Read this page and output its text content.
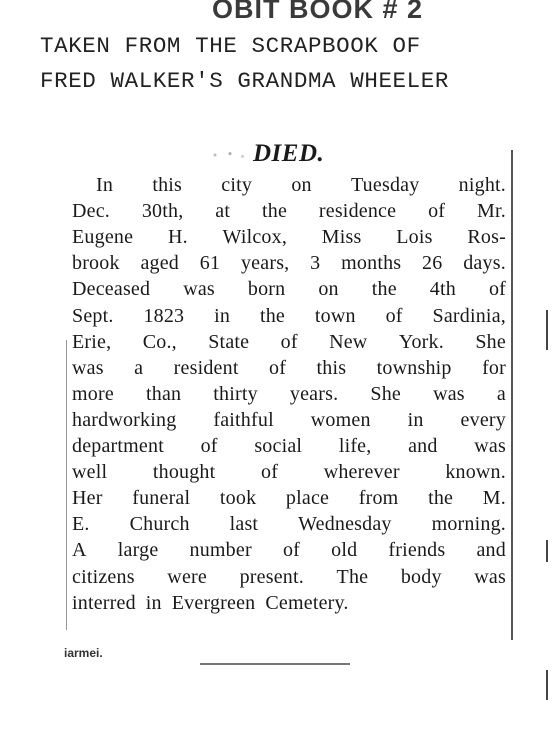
OBIT BOOK # 2
TAKEN FROM THE SCRAPBOOK OF
FRED WALKER'S GRANDMA WHEELER
DIED.
In this city on Tuesday night.
Dec. 30th, at the residence of Mr.
Eugene H. Wilcox, Miss Lois Ros-
brook aged 61 years, 3 months 26 days.
Deceased was born on the 4th of
Sept. 1823 in the town of Sardinia,
Erie, Co., State of New York. She
was a resident of this township for
more than thirty years. She was a
hardworking faithful women in every
department of social life, and was
well thought of wherever known.
Her funeral took place from the M.
E. Church last Wednesday morning.
A large number of old friends and
citizens were present. The body was
interred in Evergreen Cemetery.
iarmei.
